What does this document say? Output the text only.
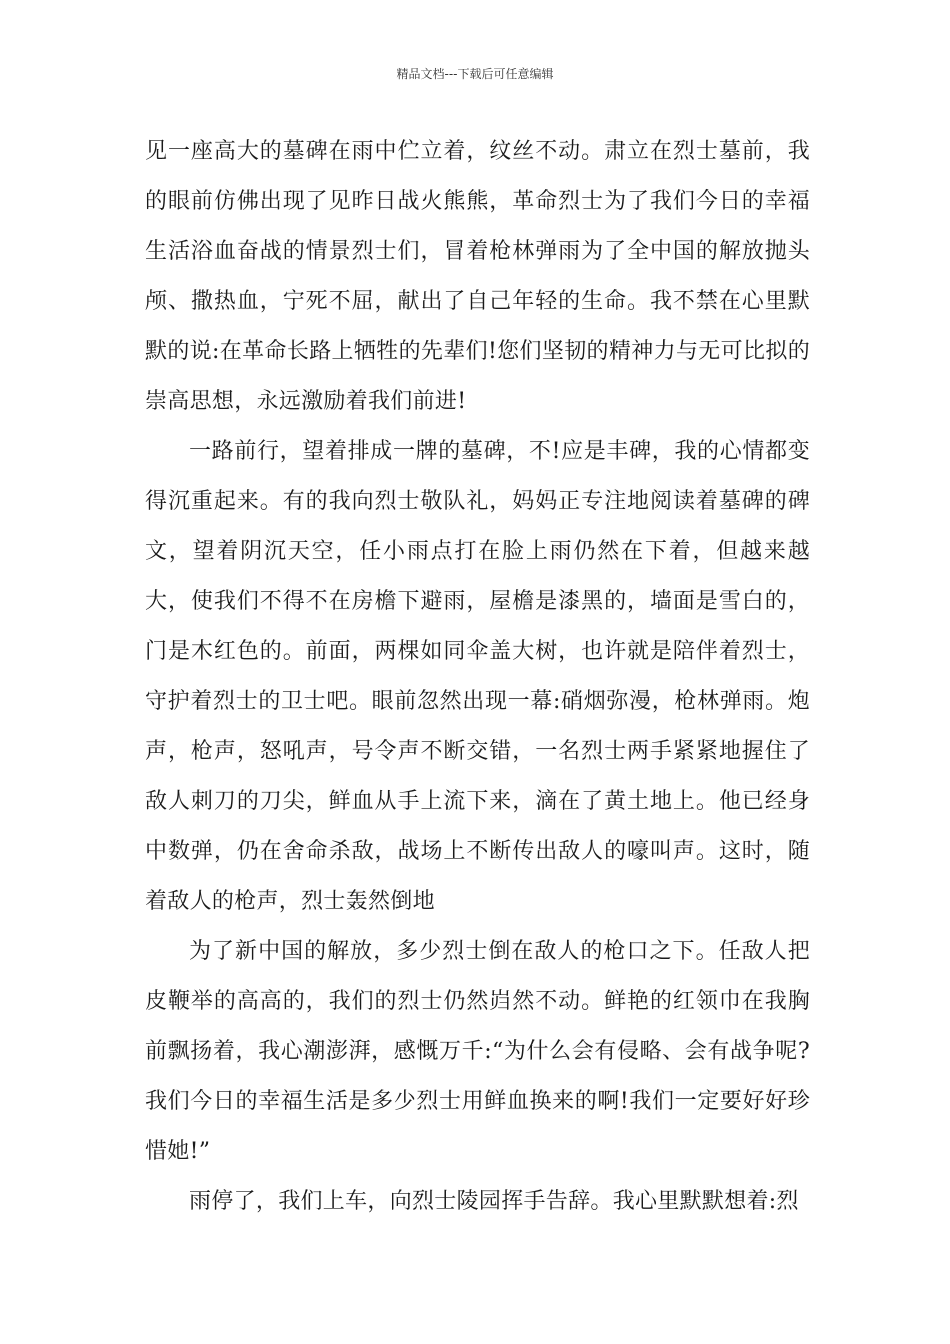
精品文档---下载后可任意编辑

见一座高大的墓碑在雨中伫立着，纹丝不动。肃立在烈士墓前，我的眼前仿佛出现了见昨日战火熊熊，革命烈士为了我们今日的幸福生活浴血奋战的情景烈士们，冒着枪林弹雨为了全中国的解放抛头颅、撒热血，宁死不屈，献出了自己年轻的生命。我不禁在心里默默的说:在革命长路上牺牲的先辈们!您们坚韧的精神力与无可比拟的崇高思想，永远激励着我们前进!

一路前行，望着排成一牌的墓碑，不!应是丰碑，我的心情都变得沉重起来。有的我向烈士敬队礼，妈妈正专注地阅读着墓碑的碑文，望着阴沉天空，任小雨点打在脸上雨仍然在下着，但越来越大，使我们不得不在房檐下避雨，屋檐是漆黑的，墙面是雪白的，门是木红色的。前面，两棵如同伞盖大树，也许就是陪伴着烈士，守护着烈士的卫士吧。眼前忽然出现一幕:硝烟弥漫，枪林弹雨。炮声，枪声，怒吼声，号令声不断交错，一名烈士两手紧紧地握住了敌人刺刀的刀尖，鲜血从手上流下来，滴在了黄土地上。他已经身中数弹，仍在舍命杀敌，战场上不断传出敌人的嚎叫声。这时，随着敌人的枪声，烈士轰然倒地

为了新中国的解放，多少烈士倒在敌人的枪口之下。任敌人把皮鞭举的高高的，我们的烈士仍然岿然不动。鲜艳的红领巾在我胸前飘扬着，我心潮澎湃，感慨万千:“为什么会有侵略、会有战争呢?我们今日的幸福生活是多少烈士用鲜血换来的啊!我们一定要好好珍惜她!”

雨停了，我们上车，向烈士陵园挥手告辞。我心里默默想着:烈
